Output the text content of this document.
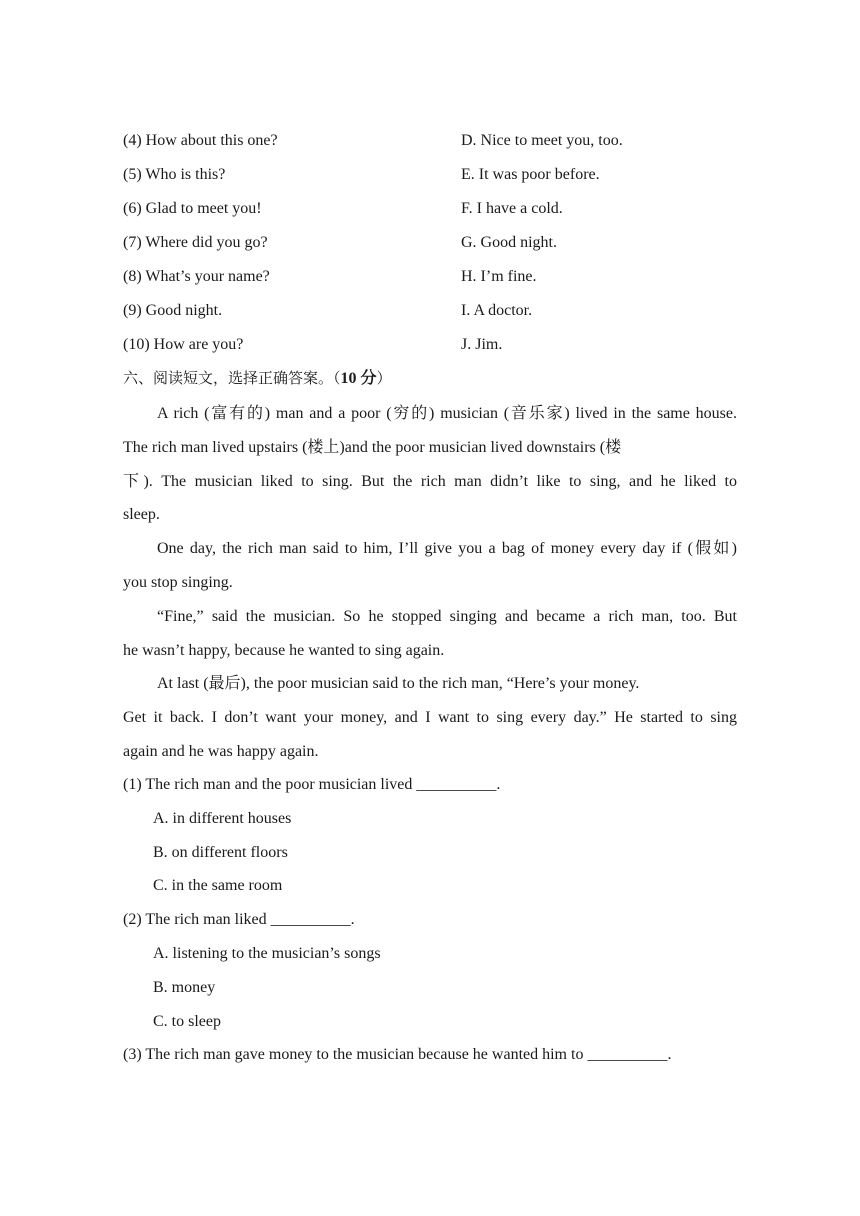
(4) How about this one?	D. Nice to meet you, too.
(5) Who is this?	E. It was poor before.
(6) Glad to meet you!	F. I have a cold.
(7) Where did you go?	G. Good night.
(8) What’s your name?	H. I’m fine.
(9) Good night.	I. A doctor.
(10) How are you?	J. Jim.
六、阅读短文，选择正确答案。（10 分）
A rich (富有的) man and a poor (穷的) musician (音乐家) lived in the same house.
The rich man lived upstairs (楼上)and the poor musician lived downstairs (楼
下). The musician liked to sing. But the rich man didn’t like to sing, and he liked to
sleep.
One day, the rich man said to him, I’ll give you a bag of money every day if (假如)
you stop singing.
“Fine,” said the musician. So he stopped singing and became a rich man, too. But
he wasn’t happy, because he wanted to sing again.
At last (最后), the poor musician said to the rich man, “Here’s your money.
Get it back. I don’t want your money, and I want to sing every day.” He started to sing
again and he was happy again.
(1) The rich man and the poor musician lived __________.
A. in different houses
B. on different floors
C. in the same room
(2) The rich man liked __________.
A. listening to the musician’s songs
B. money
C. to sleep
(3) The rich man gave money to the musician because he wanted him to __________.
